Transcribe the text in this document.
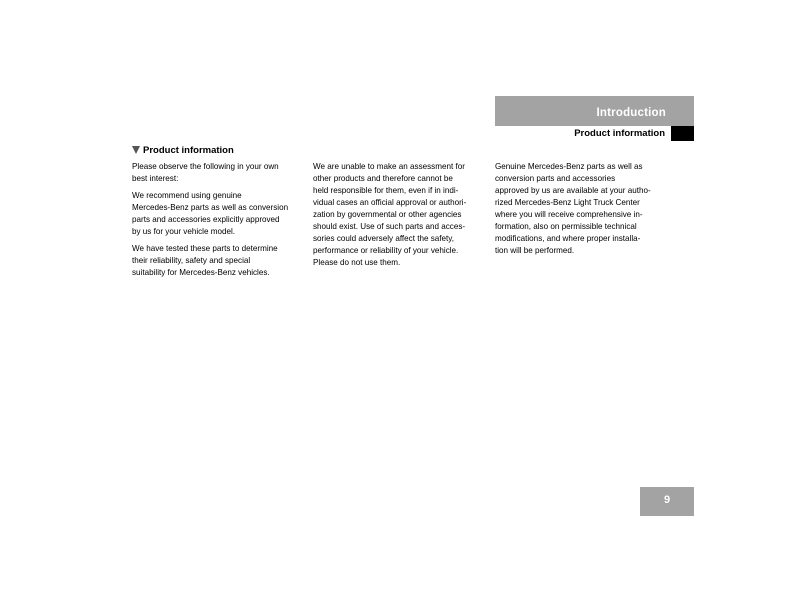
Introduction
Product information
Product information

Please observe the following in your own
best interest:

We recommend using genuine
Mercedes-Benz parts as well as conversion
parts and accessories explicitly approved
by us for your vehicle model.

We have tested these parts to determine
their reliability, safety and special
suitability for Mercedes-Benz vehicles.

We are unable to make an assessment for
other products and therefore cannot be
held responsible for them, even if in indi-
vidual cases an official approval or authori-
zation by governmental or other agencies
should exist. Use of such parts and acces-
sories could adversely affect the safety,
performance or reliability of your vehicle.
Please do not use them.

Genuine Mercedes-Benz parts as well as
conversion parts and accessories
approved by us are available at your autho-
rized Mercedes-Benz Light Truck Center
where you will receive comprehensive in-
formation, also on permissible technical
modifications, and where proper installa-
tion will be performed.

9
